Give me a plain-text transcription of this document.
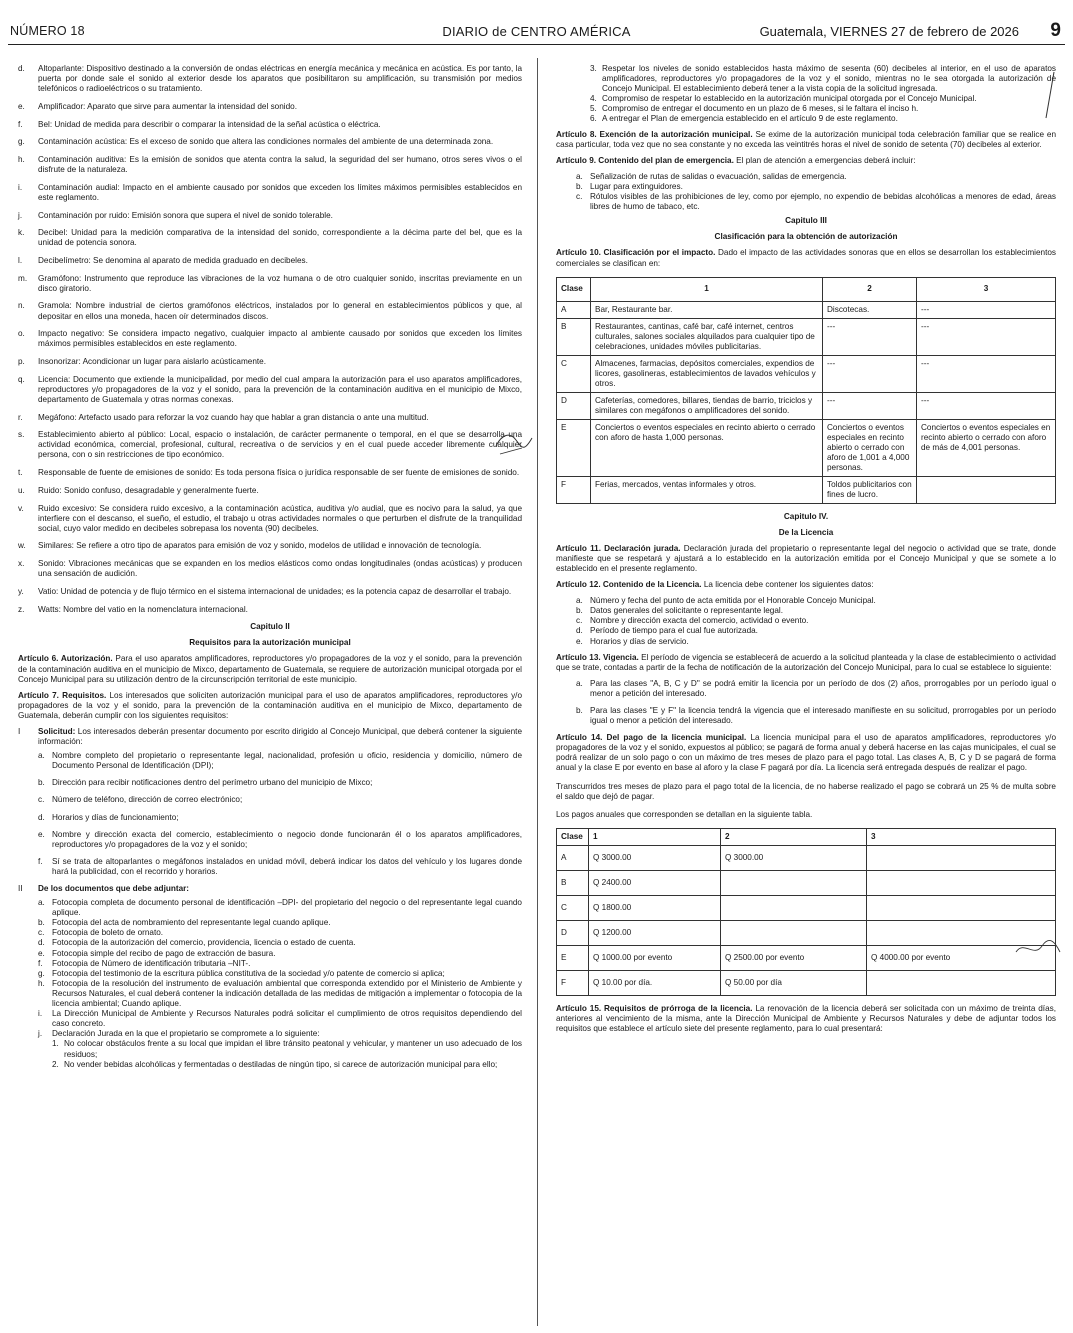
NÚMERO 18	DIARIO de CENTRO AMÉRICA	Guatemala, VIERNES 27 de febrero de 2026 9
d.	Altoparlante: Dispositivo destinado a la conversión de ondas eléctricas en energía mecánica y mecánica en acústica. Es por tanto, la puerta por donde sale el sonido al exterior desde los aparatos que posibilitaron su amplificación, su transmisión por medios telefónicos o radioeléctricos o su tratamiento.
e.	Amplificador: Aparato que sirve para aumentar la intensidad del sonido.
f.	Bel: Unidad de medida para describir o comparar la intensidad de la señal acústica o eléctrica.
g.	Contaminación acústica: Es el exceso de sonido que altera las condiciones normales del ambiente de una determinada zona.
h.	Contaminación auditiva: Es la emisión de sonidos que atenta contra la salud, la seguridad del ser humano, otros seres vivos o el disfrute de la naturaleza.
i.	Contaminación audial: Impacto en el ambiente causado por sonidos que exceden los límites máximos permisibles establecidos en este reglamento.
j.	Contaminación por ruido: Emisión sonora que supera el nivel de sonido tolerable.
k.	Decibel: Unidad para la medición comparativa de la intensidad del sonido, correspondiente a la décima parte del bel, que es la unidad de potencia sonora.
l.	Decibelímetro: Se denomina al aparato de medida graduado en decibeles.
m.	Gramófono: Instrumento que reproduce las vibraciones de la voz humana o de otro cualquier sonido, inscritas previamente en un disco giratorio.
n.	Gramola: Nombre industrial de ciertos gramófonos eléctricos, instalados por lo general en establecimientos públicos y que, al depositar en ellos una moneda, hacen oír determinados discos.
o.	Impacto negativo: Se considera impacto negativo, cualquier impacto al ambiente causado por sonidos que exceden los límites máximos permisibles establecidos en este reglamento.
p.	Insonorizar: Acondicionar un lugar para aislarlo acústicamente.
q.	Licencia: Documento que extiende la municipalidad, por medio del cual ampara la autorización para el uso aparatos amplificadores, reproductores y/o propagadores de la voz y el sonido, para la prevención de la contaminación auditiva en el municipio de Mixco, departamento de Guatemala y otras normas conexas.
r.	Megáfono: Artefacto usado para reforzar la voz cuando hay que hablar a gran distancia o ante una multitud.
s.	Establecimiento abierto al público: Local, espacio o instalación, de carácter permanente o temporal, en el que se desarrolla una actividad económica, comercial, profesional, cultural, recreativa o de servicios y en el cual puede acceder libremente cualquier persona, con o sin restricciones de tipo económico.
t.	Responsable de fuente de emisiones de sonido: Es toda persona física o jurídica responsable de ser fuente de emisiones de sonido.
u.	Ruido: Sonido confuso, desagradable y generalmente fuerte.
v.	Ruido excesivo: Se considera ruido excesivo, a la contaminación acústica, auditiva y/o audial, que es nocivo para la salud, ya que interfiere con el descanso, el sueño, el estudio, el trabajo u otras actividades normales o que perturben el disfrute de la tranquilidad social, cuyo valor medido en decibeles sobrepasa los noventa (90) decibeles.
w.	Similares: Se refiere a otro tipo de aparatos para emisión de voz y sonido, modelos de utilidad e innovación de tecnología.
x.	Sonido: Vibraciones mecánicas que se expanden en los medios elásticos como ondas longitudinales (ondas acústicas) y producen una sensación de audición.
y.	Vatio: Unidad de potencia y de flujo térmico en el sistema internacional de unidades; es la potencia capaz de desarrollar el trabajo.
z.	Watts: Nombre del vatio en la nomenclatura internacional.
Capitulo II
Requisitos para la autorización municipal
Artículo 6. Autorización. Para el uso aparatos amplificadores, reproductores y/o propagadores de la voz y el sonido, para la prevención de la contaminación auditiva en el municipio de Mixco, departamento de Guatemala, se requiere de autorización municipal otorgada por el Concejo Municipal para su utilización dentro de la circunscripción territorial de este municipio.
Artículo 7. Requisitos. Los interesados que soliciten autorización municipal para el uso de aparatos amplificadores, reproductores y/o propagadores de la voz y el sonido, para la prevención de la contaminación auditiva en el municipio de Mixco, departamento de Guatemala, deberán cumplir con los siguientes requisitos:
I	Solicitud: Los interesados deberán presentar documento por escrito dirigido al Concejo Municipal, que deberá contener la siguiente información:
a. Nombre completo del propietario o representante legal, nacionalidad, profesión u oficio, residencia y domicilio, número de Documento Personal de Identificación (DPI);
b. Dirección para recibir notificaciones dentro del perímetro urbano del municipio de Mixco;
c. Número de teléfono, dirección de correo electrónico;
d. Horarios y días de funcionamiento;
e. Nombre y dirección exacta del comercio, establecimiento o negocio donde funcionarán él o los aparatos amplificadores, reproductores y/o propagadores de la voz y el sonido;
f.	Sí se trata de altoparlantes o megáfonos instalados en unidad móvil, deberá indicar los datos del vehículo y los lugares donde hará la publicidad, con el recorrido y horarios.
II	De los documentos que debe adjuntar:
a. Fotocopia completa de documento personal de identificación –DPI- del propietario del negocio o del representante legal cuando aplique.
b. Fotocopia del acta de nombramiento del representante legal cuando aplique.
c. Fotocopia de boleto de ornato.
d. Fotocopia de la autorización del comercio, providencia, licencia o estado de cuenta.
e. Fotocopia simple del recibo de pago de extracción de basura.
f.	Fotocopia de Número de identificación tributaria –NIT-.
g. Fotocopia del testimonio de la escritura pública constitutiva de la sociedad y/o patente de comercio si aplica;
h. Fotocopia de la resolución del instrumento de evaluación ambiental que corresponda extendido por el Ministerio de Ambiente y Recursos Naturales, el cual deberá contener la indicación detallada de las medidas de mitigación a implementar o fotocopia de la licencia ambiental; Cuando aplique.
i.	La Dirección Municipal de Ambiente y Recursos Naturales podrá solicitar el cumplimiento de otros requisitos dependiendo del caso concreto.
j.	Declaración Jurada en la que el propietario se compromete a lo siguiente:
1. No colocar obstáculos frente a su local que impidan el libre tránsito peatonal y vehicular, y mantener un uso adecuado de los residuos;
2. No vender bebidas alcohólicas y fermentadas o destiladas de ningún tipo, si carece de autorización municipal para ello;
3. Respetar los niveles de sonido establecidos hasta máximo de sesenta (60) decibeles al interior, en el uso de aparatos amplificadores, reproductores y/o propagadores de la voz y el sonido, mientras no le sea otorgada la autorización de Concejo Municipal. El establecimiento deberá tener a la vista copia de la solicitud ingresada.
4. Compromiso de respetar lo establecido en la autorización municipal otorgada por el Concejo Municipal.
5. Compromiso de entregar el documento en un plazo de 6 meses, si le faltara el inciso h.
6. A entregar el Plan de emergencia establecido en el artículo 9 de este reglamento.
Artículo 8. Exención de la autorización municipal. Se exime de la autorización municipal toda celebración familiar que se realice en casa particular, toda vez que no sea constante y no exceda las veintitrés horas el nivel de sonido de setenta (70) decibeles al exterior.
Artículo 9. Contenido del plan de emergencia. El plan de atención a emergencias deberá incluir:
a. Señalización de rutas de salidas o evacuación, salidas de emergencia.
b. Lugar para extinguidores.
c. Rótulos visibles de las prohibiciones de ley, como por ejemplo, no expendio de bebidas alcohólicas a menores de edad, áreas libres de humo de tabaco, etc.
Capitulo III
Clasificación para la obtención de autorización
Artículo 10. Clasificación por el impacto. Dado el impacto de las actividades sonoras que en ellos se desarrollan los establecimientos comerciales se clasifican en:
Clase	1	2	3
A	Bar, Restaurante bar.	Discotecas.	---
B	Restaurantes, cantinas, café bar, café internet, centros culturales, salones sociales alquilados para cualquier tipo de celebraciones, unidades móviles publicitarias.	---	---
C	Almacenes, farmacias, depósitos comerciales, expendios de licores, gasolineras, establecimientos de lavados vehículos y otros.	---	---
D	Cafeterías, comedores, billares, tiendas de barrio, triciclos y similares con megáfonos o amplificadores del sonido.	---	---
E	Conciertos o eventos especiales en recinto abierto o cerrado con aforo de hasta 1,000 personas.	Conciertos o eventos especiales en recinto abierto o cerrado con aforo de 1,001 a 4,000 personas.	Conciertos o eventos especiales en recinto abierto o cerrado con aforo de más de 4,001 personas.
F	Ferias, mercados, ventas informales y otros.	Toldos publicitarios con fines de lucro.	
Capitulo IV.
De la Licencia
Artículo 11. Declaración jurada. Declaración jurada del propietario o representante legal del negocio o actividad que se trate, donde manifieste que se respetará y ajustará a lo establecido en la autorización emitida por el Concejo Municipal y que se somete a lo establecido en el presente reglamento.
Artículo 12. Contenido de la Licencia. La licencia debe contener los siguientes datos:
a. Número y fecha del punto de acta emitida por el Honorable Concejo Municipal.
b. Datos generales del solicitante o representante legal.
c. Nombre y dirección exacta del comercio, actividad o evento.
d. Período de tiempo para el cual fue autorizada.
e. Horarios y días de servicio.
Artículo 13. Vigencia. El período de vigencia se establecerá de acuerdo a la solicitud planteada y la clase de establecimiento o actividad que se trate, contadas a partir de la fecha de notificación de la autorización del Concejo Municipal, para lo cual se establece lo siguiente:
a. Para las clases "A, B, C y D" se podrá emitir la licencia por un período de dos (2) años, prorrogables por un período igual o menor a petición del interesado.
b. Para las clases "E y F" la licencia tendrá la vigencia que el interesado manifieste en su solicitud, prorrogables por un período igual o menor a petición del interesado.
Artículo 14. Del pago de la licencia municipal. La licencia municipal para el uso de aparatos amplificadores, reproductores y/o propagadores de la voz y el sonido, expuestos al público; se pagará de forma anual y deberá hacerse en las cajas municipales, el cual se podrá realizar de un solo pago o con un máximo de tres meses de plazo para el pago total. Las clases A, B, C y D se pagará de forma anual y la clase E por evento en base al aforo y la clase F pagará por día. La licencia será entregada después de realizar el pago.
Transcurridos tres meses de plazo para el pago total de la licencia, de no haberse realizado el pago se cobrará un 25 % de multa sobre el saldo que dejó de pagar.
Los pagos anuales que corresponden se detallan en la siguiente tabla.
Clase	1	2	3
A	Q 3000.00	Q 3000.00	
B	Q 2400.00		
C	Q 1800.00		
D	Q 1200.00		
E	Q 1000.00 por evento	Q 2500.00 por evento	Q 4000.00 por evento
F	Q 10.00 por día.	Q 50.00 por día	
Artículo 15. Requisitos de prórroga de la licencia. La renovación de la licencia deberá ser solicitada con un máximo de treinta días, anteriores al vencimiento de la misma, ante la Dirección Municipal de Ambiente y Recursos Naturales y debe de adjuntar todos los requisitos que establece el artículo siete del presente reglamento, para lo cual presentará:
